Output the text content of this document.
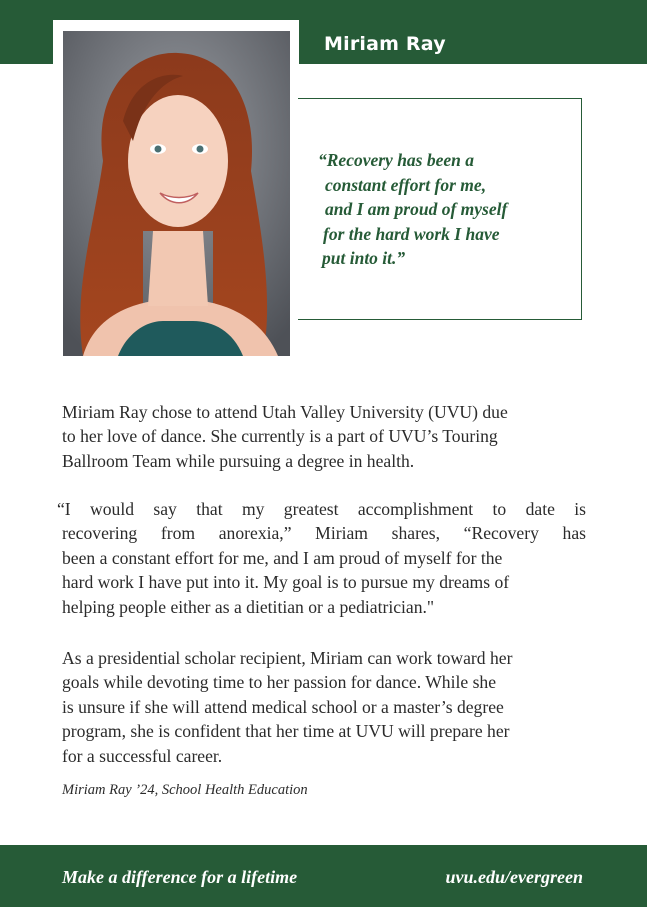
Miriam Ray
“Recovery has been a
constant effort for me,
and I am proud of myself
for the hard work I have
put into it.”
Miriam Ray chose to attend Utah Valley University (UVU) due
to her love of dance. She currently is a part of UVU’s Touring
Ballroom Team while pursuing a degree in health.
“I would say that my greatest accomplishment to date is
recovering from anorexia,” Miriam shares, “Recovery has
been a constant effort for me, and I am proud of myself for the
hard work I have put into it. My goal is to pursue my dreams of
helping people either as a dietitian or a pediatrician."
As a presidential scholar recipient, Miriam can work toward her
goals while devoting time to her passion for dance. While she
is unsure if she will attend medical school or a master’s degree
program, she is confident that her time at UVU will prepare her
for a successful career.
Miriam Ray ’24, School Health Education
Make a difference for a lifetime	uvu.edu/evergreen
